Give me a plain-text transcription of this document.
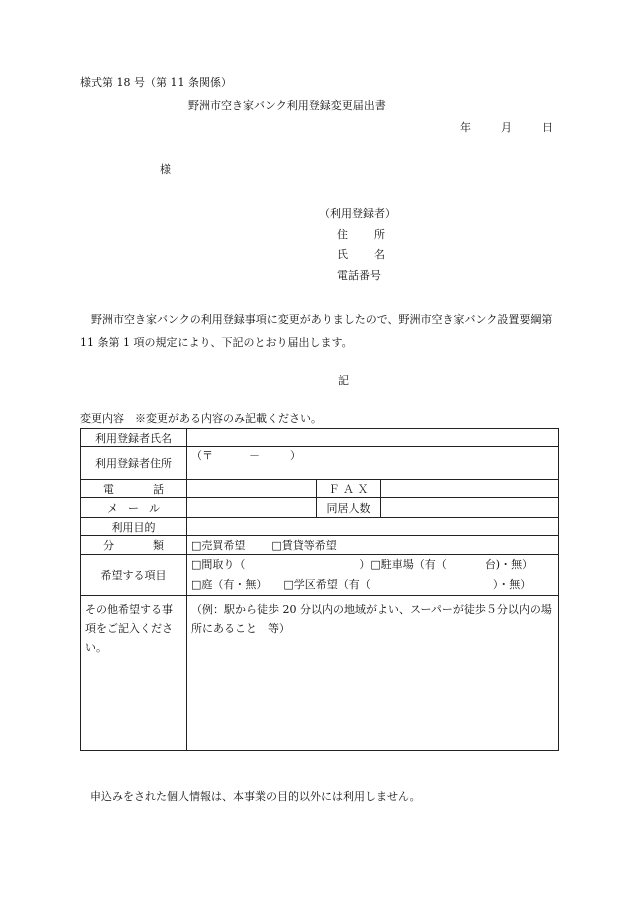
様式第 18 号（第 11 条関係）
野洲市空き家バンク利用登録変更届出書
年	月	日
様
（利用登録者）
住 所
氏 名
電話番号
野洲市空き家バンクの利用登録事項に変更がありましたので、野洲市空き家バンク設置要綱第 11 条第 1 項の規定により、下記のとおり届出します。
記
変更内容　※変更がある内容のみ記載ください。
利用登録者氏名			
利用登録者住所	（〒 － ）		
電 話		Ｆ Ａ Ｘ	
メ ー ル		同居人数	
利用目的			
分 類	□売買希望 □賃貸等希望		
希望する項目	□間取り（ ）□駐車場（有（ 台)・無）
□庭（有・無） □学区希望（有（ ）・無）		

その他希望する事項をご記入ください。	（例：駅から徒歩 20 分以内の地域がよい、スーパーが徒歩５分以内の場所にあること　等）		
申込みをされた個人情報は、本事業の目的以外には利用しません。
